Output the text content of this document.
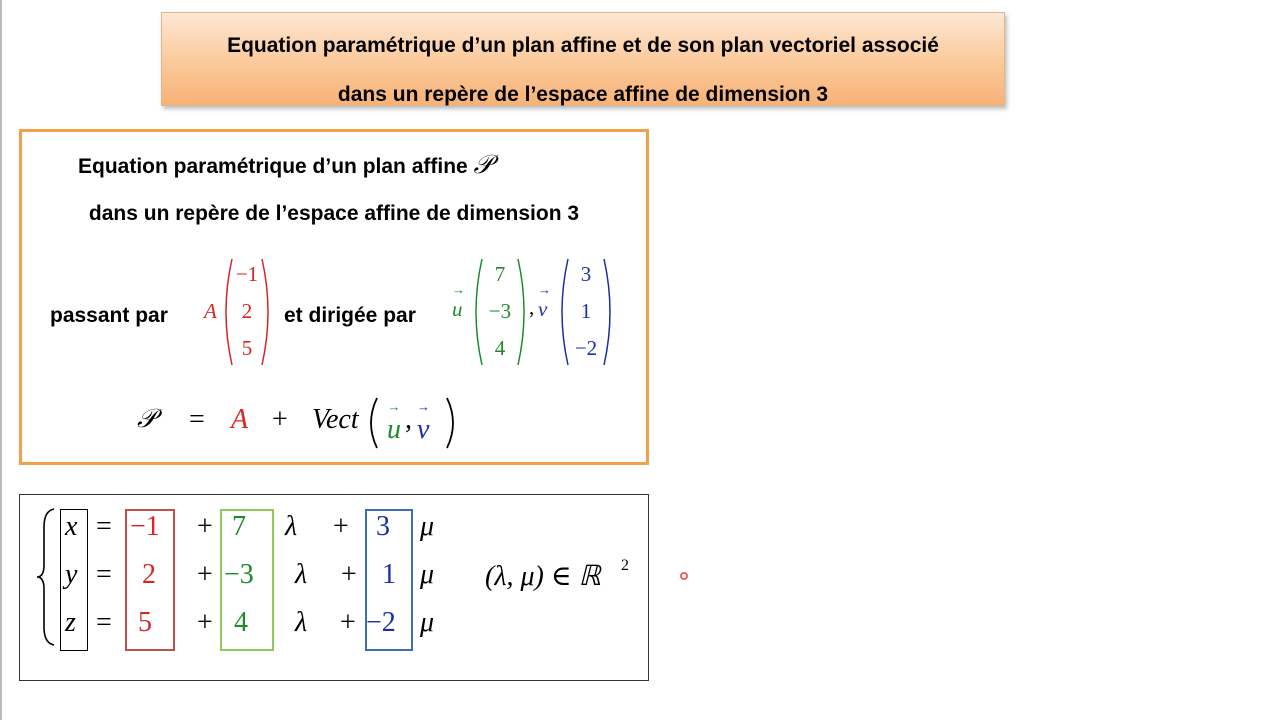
Equation paramétrique d’un plan affine et de son plan vectoriel associé
dans un repère de l’espace affine de dimension 3
Equation paramétrique d’un plan affine 𝒫
dans un repère de l’espace affine de dimension 3
passant par A
−1
2
5
et dirigée par → u
7
−3
4
, → v
3
1
−2
𝒫 = A + Vect → u , → v
x = −1 + 7 λ + 3 μ
y = 2 + −3 λ + 1 μ
z = 5 + 4 λ + −2 μ
(λ, μ) ∈ ℝ 2
